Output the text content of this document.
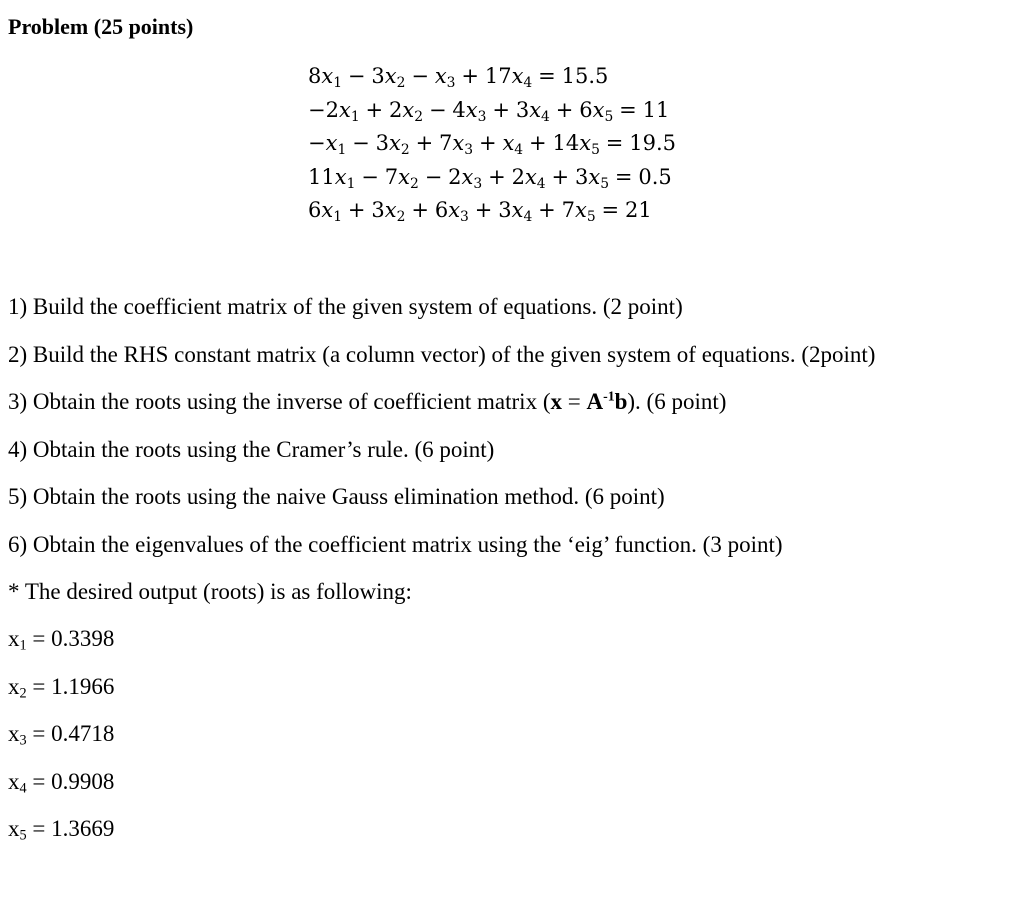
Problem (25 points)
$8x_1 - 3x_2 - x_3 + 17x_4 = 15.5$
$-2x_1 + 2x_2 - 4x_3 + 3x_4 + 6x_5 = 11$
$-x_1 - 3x_2 + 7x_3 + x_4 + 14x_5 = 19.5$
$11x_1 - 7x_2 - 2x_3 + 2x_4 + 3x_5 = 0.5$
$6x_1 + 3x_2 + 6x_3 + 3x_4 + 7x_5 = 21$
1) Build the coefficient matrix of the given system of equations. (2 point)
2) Build the RHS constant matrix (a column vector) of the given system of equations. (2point)
3) Obtain the roots using the inverse of coefficient matrix $(x = A^{-1}b)$. (6 point)
4) Obtain the roots using the Cramer’s rule. (6 point)
5) Obtain the roots using the naive Gauss elimination method. (6 point)
6) Obtain the eigenvalues of the coefficient matrix using the ‘eig’ function. (3 point)
* The desired output (roots) is as following:
$x_1 = 0.3398$
$x_2 = 1.1966$
$x_3 = 0.4718$
$x_4 = 0.9908$
$x_5 = 1.3669$
